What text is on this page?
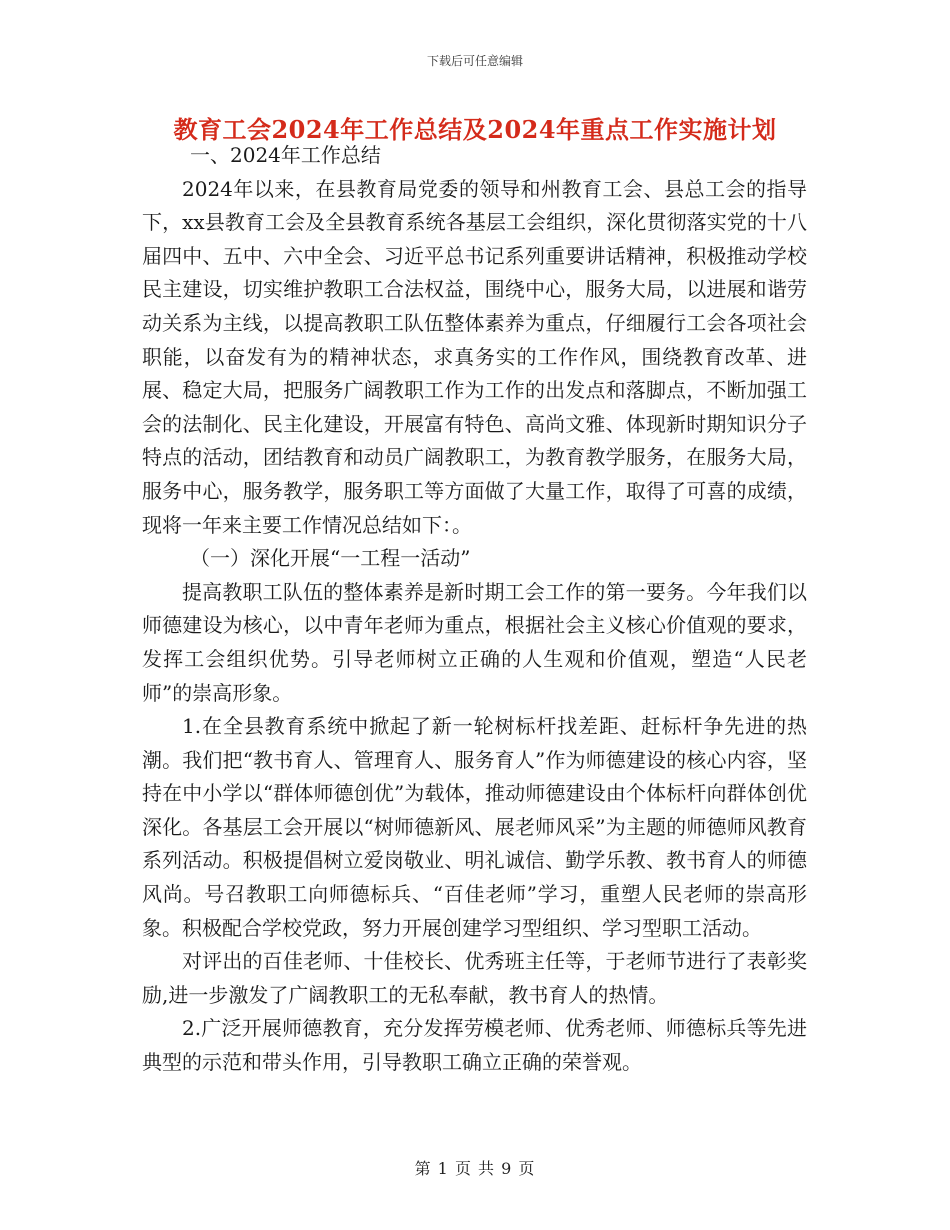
下载后可任意编辑
教育工会2024年工作总结及2024年重点工作实施计划

一、2024年工作总结

2024年以来，在县教育局党委的领导和州教育工会、县总工会的指导下，xx县教育工会及全县教育系统各基层工会组织，深化贯彻落实党的十八届四中、五中、六中全会、习近平总书记系列重要讲话精神，积极推动学校民主建设，切实维护教职工合法权益，围绕中心，服务大局，以进展和谐劳动关系为主线，以提高教职工队伍整体素养为重点，仔细履行工会各项社会职能，以奋发有为的精神状态，求真务实的工作作风，围绕教育改革、进展、稳定大局，把服务广阔教职工作为工作的出发点和落脚点，不断加强工会的法制化、民主化建设，开展富有特色、高尚文雅、体现新时期知识分子特点的活动，团结教育和动员广阔教职工，为教育教学服务，在服务大局，服务中心，服务教学，服务职工等方面做了大量工作，取得了可喜的成绩，现将一年来主要工作情况总结如下：。

（一）深化开展“一工程一活动”

提高教职工队伍的整体素养是新时期工会工作的第一要务。今年我们以师德建设为核心，以中青年老师为重点，根据社会主义核心价值观的要求，发挥工会组织优势。引导老师树立正确的人生观和价值观，塑造“人民老师”的崇高形象。

1.在全县教育系统中掀起了新一轮树标杆找差距、赶标杆争先进的热潮。我们把“教书育人、管理育人、服务育人”作为师德建设的核心内容，坚持在中小学以“群体师德创优”为载体，推动师德建设由个体标杆向群体创优深化。各基层工会开展以“树师德新风、展老师风采”为主题的师德师风教育系列活动。积极提倡树立爱岗敬业、明礼诚信、勤学乐教、教书育人的师德风尚。号召教职工向师德标兵、“百佳老师”学习，重塑人民老师的崇高形象。积极配合学校党政，努力开展创建学习型组织、学习型职工活动。

对评出的百佳老师、十佳校长、优秀班主任等，于老师节进行了表彰奖励,进一步激发了广阔教职工的无私奉献，教书育人的热情。

2.广泛开展师德教育，充分发挥劳模老师、优秀老师、师德标兵等先进典型的示范和带头作用，引导教职工确立正确的荣誉观。

第 1 页 共 9 页
